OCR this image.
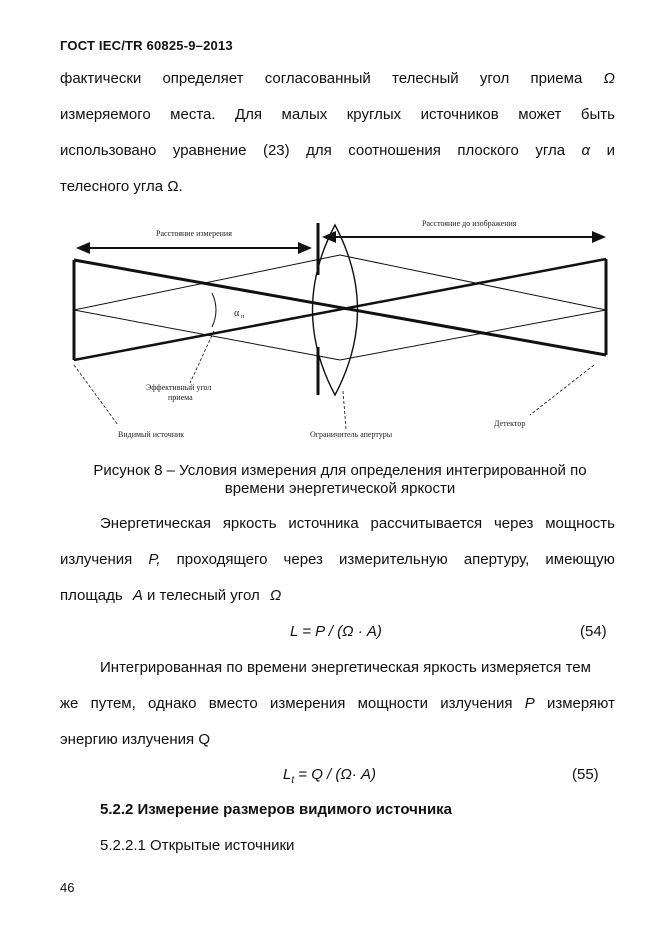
ГОСТ IEC/TR 60825-9–2013
фактически определяет согласованный телесный угол приема Ω
измеряемого места. Для малых круглых источников может быть
использовано уравнение (23) для соотношения плоского угла α и
телесного угла Ω.
Расстояние измерения
Расстояние до изображения
α п
Эффективный угол
приема
Видимый источник	Ограничитель апертуры
Детектор
Рисунок 8 – Условия измерения для определения интегрированной по
времени энергетической яркости
Энергетическая яркость источника рассчитывается через мощность
излучения P, проходящего через измерительную апертуру, имеющую
площадь A и телесный угол Ω
L = P / (Ω · A)	(54)
Интегрированная по времени энергетическая яркость измеряется тем
же путем, однако вместо измерения мощности излучения P измеряют
энергию излучения Q
$L_t = Q / (\Omega\cdot A)$	(55)
5.2.2 Измерение размеров видимого источника
5.2.2.1 Открытые источники
46
